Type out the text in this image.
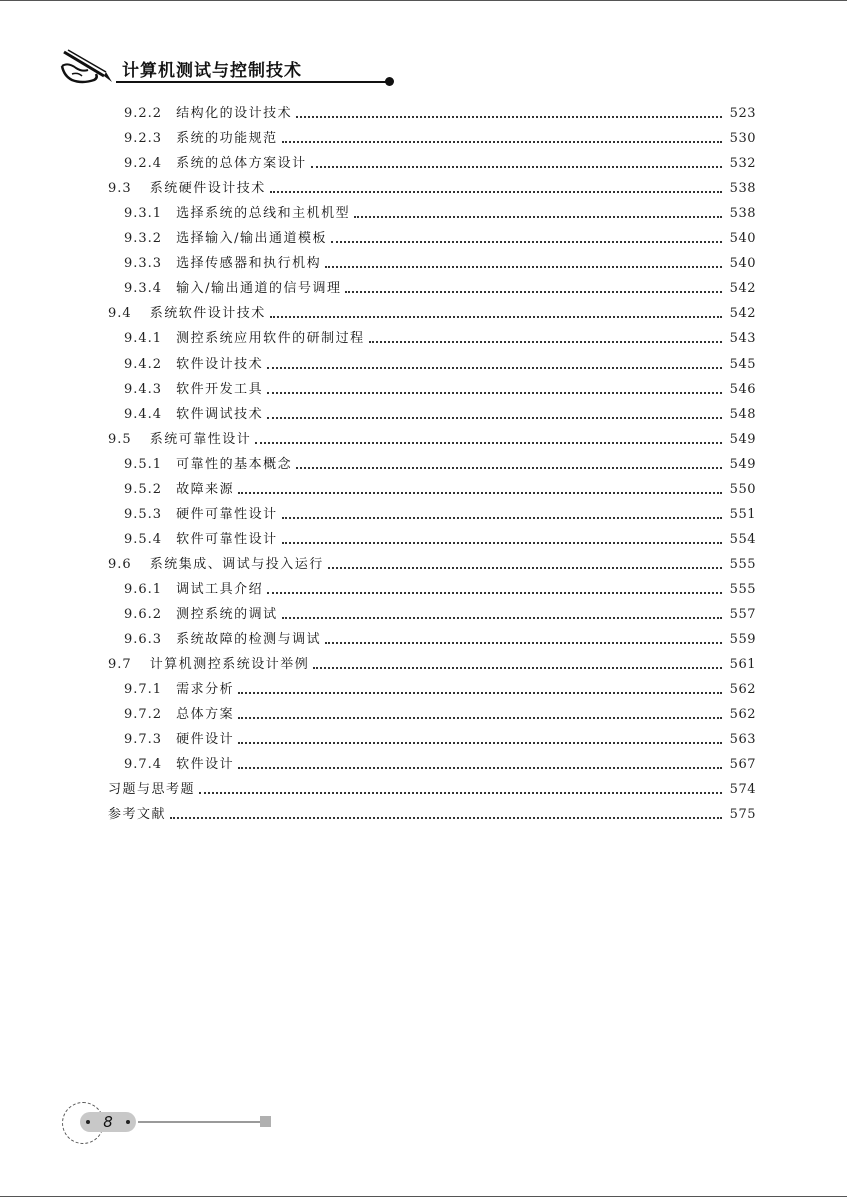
计算机测试与控制技术
9.2.2 结构化的设计技术	523
9.2.3 系统的功能规范	530
9.2.4 系统的总体方案设计	532
9.3 系统硬件设计技术	538
9.3.1 选择系统的总线和主机机型	538
9.3.2 选择输入/输出通道模板	540
9.3.3 选择传感器和执行机构	540
9.3.4 输入/输出通道的信号调理	542
9.4 系统软件设计技术	542
9.4.1 测控系统应用软件的研制过程	543
9.4.2 软件设计技术	545
9.4.3 软件开发工具	546
9.4.4 软件调试技术	548
9.5 系统可靠性设计	549
9.5.1 可靠性的基本概念	549
9.5.2 故障来源	550
9.5.3 硬件可靠性设计	551
9.5.4 软件可靠性设计	554
9.6 系统集成、调试与投入运行	555
9.6.1 调试工具介绍	555
9.6.2 测控系统的调试	557
9.6.3 系统故障的检测与调试	559
9.7 计算机测控系统设计举例	561
9.7.1 需求分析	562
9.7.2 总体方案	562
9.7.3 硬件设计	563
9.7.4 软件设计	567
习题与思考题	574
参考文献	575
8
